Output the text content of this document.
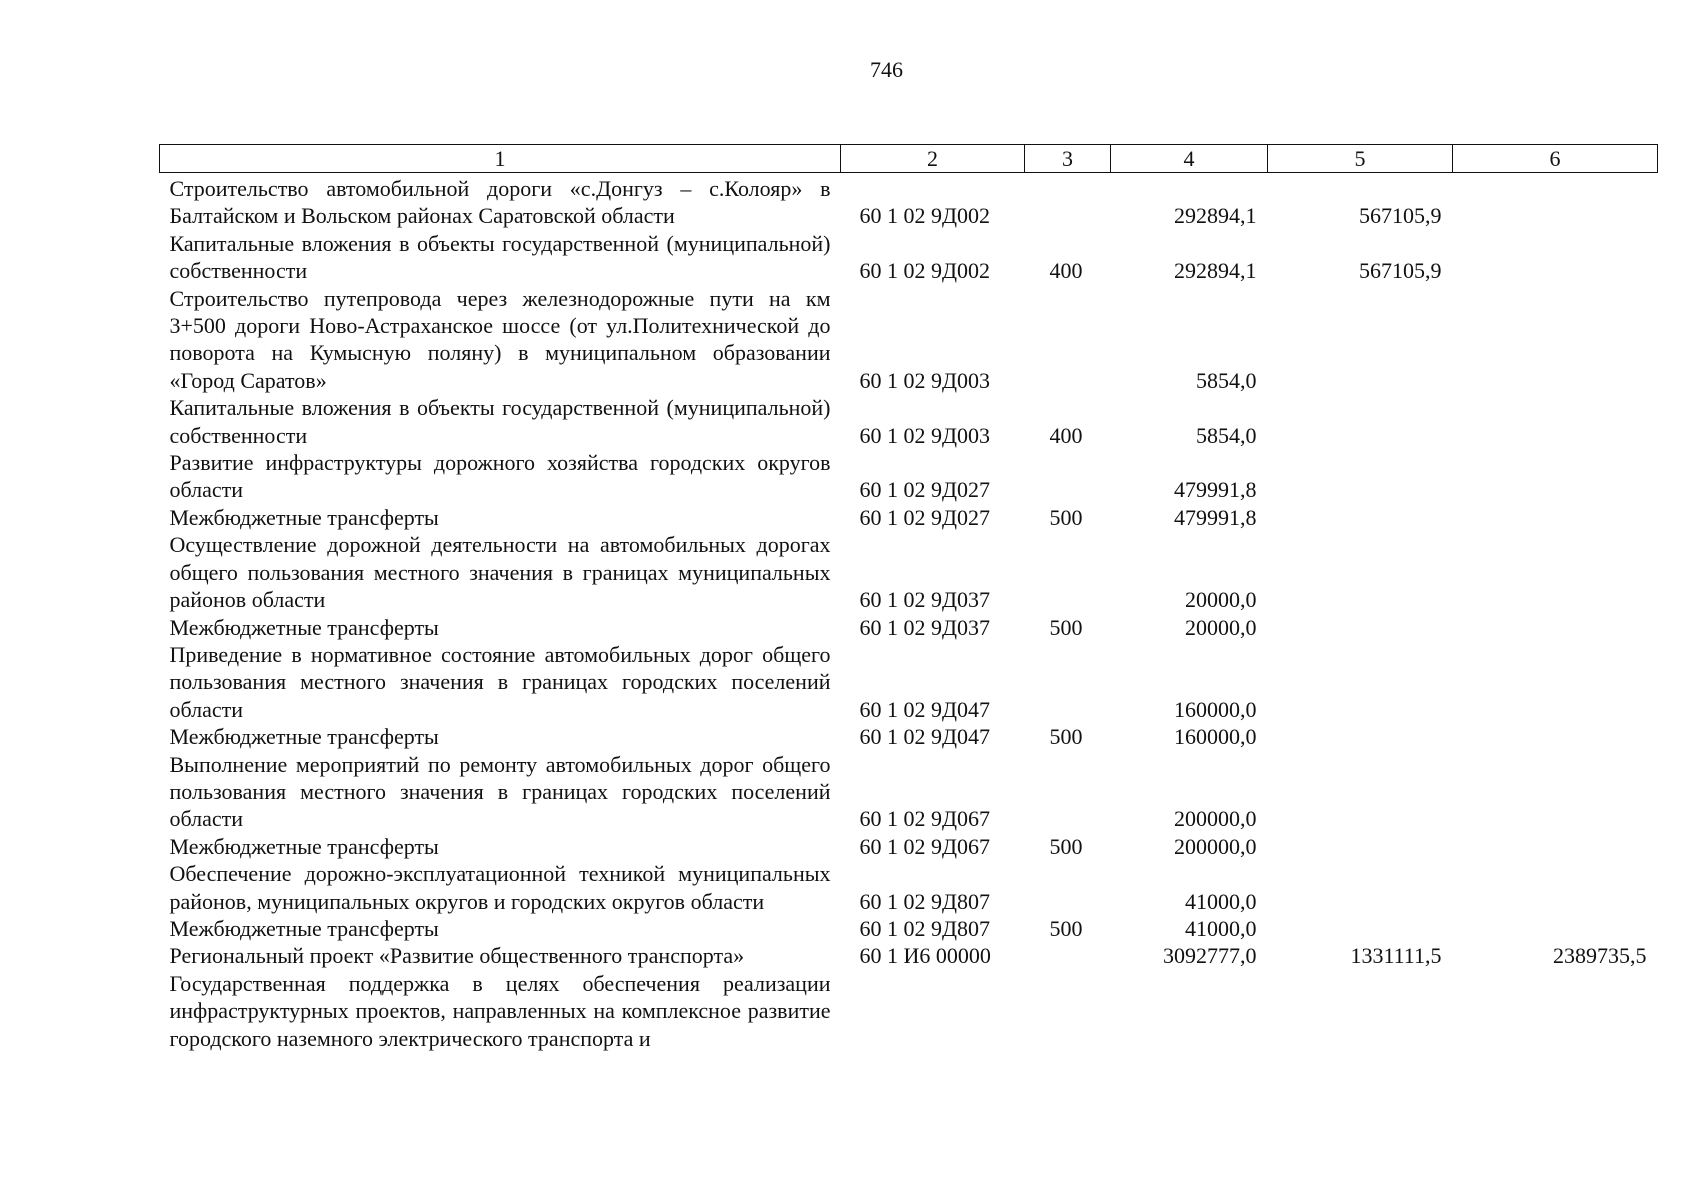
746
1	2	3	4	5	6
Строительство автомобильной дороги «с.Донгуз – с.Колояр» в Балтайском и Вольском районах Саратовской области	60 1 02 9Д002		292894,1	567105,9	
Капитальные вложения в объекты государственной (муниципальной) собственности	60 1 02 9Д002	400	292894,1	567105,9	
Строительство путепровода через железнодорожные пути на км 3+500 дороги Ново-Астраханское шоссе (от ул.Политехнической до поворота на Кумысную поляну) в муниципальном образовании «Город Саратов»	60 1 02 9Д003		5854,0		
Капитальные вложения в объекты государственной (муниципальной) собственности	60 1 02 9Д003	400	5854,0		
Развитие инфраструктуры дорожного хозяйства городских округов области	60 1 02 9Д027		479991,8		
Межбюджетные трансферты	60 1 02 9Д027	500	479991,8		
Осуществление дорожной деятельности на автомобильных дорогах общего пользования местного значения в границах муниципальных районов области	60 1 02 9Д037		20000,0		
Межбюджетные трансферты	60 1 02 9Д037	500	20000,0		
Приведение в нормативное состояние автомобильных дорог общего пользования местного значения в границах городских поселений области	60 1 02 9Д047		160000,0		
Межбюджетные трансферты	60 1 02 9Д047	500	160000,0		
Выполнение мероприятий по ремонту автомобильных дорог общего пользования местного значения в границах городских поселений области	60 1 02 9Д067		200000,0		
Межбюджетные трансферты	60 1 02 9Д067	500	200000,0		
Обеспечение дорожно-эксплуатационной техникой муниципальных районов, муниципальных округов и городских округов области	60 1 02 9Д807		41000,0		
Межбюджетные трансферты	60 1 02 9Д807	500	41000,0		
Региональный проект «Развитие общественного транспорта»	60 1 И6 00000		3092777,0	1331111,5	2389735,5
Государственная поддержка в целях обеспечения реализации инфраструктурных проектов, направленных на комплексное развитие городского наземного электрического транспорта и					
